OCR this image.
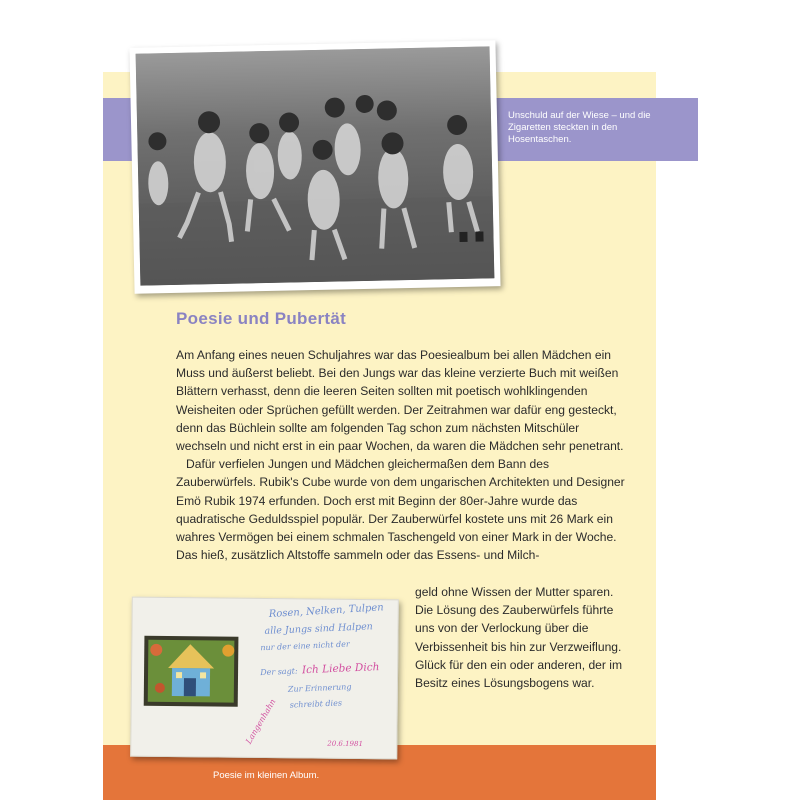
Unschuld auf der Wiese – und die Zigaretten steckten in den Hosentaschen.
Poesie und Pubertät

Am Anfang eines neuen Schuljahres war das Poesiealbum bei allen Mädchen ein Muss und äußerst beliebt. Bei den Jungs war das kleine verzierte Buch mit weißen Blättern verhasst, denn die leeren Seiten sollten mit poetisch wohlklingenden Weisheiten oder Sprüchen gefüllt werden. Der Zeitrahmen war dafür eng gesteckt, denn das Büchlein sollte am folgenden Tag schon zum nächsten Mitschüler wechseln und nicht erst in ein paar Wochen, da waren die Mädchen sehr penetrant.

Dafür verfielen Jungen und Mädchen gleichermaßen dem Bann des Zauberwürfels. Rubik's Cube wurde von dem ungarischen Architekten und Designer Emö Rubik 1974 erfunden. Doch erst mit Beginn der 80er-Jahre wurde das quadratische Geduldsspiel populär. Der Zauberwürfel kostete uns mit 26 Mark ein wahres Vermögen bei einem schmalen Taschengeld von einer Mark in der Woche. Das hieß, zusätzlich Altstoffe sammeln oder das Essens- und Milch-

geld ohne Wissen der Mutter sparen. Die Lösung des Zauberwürfels führte uns von der Verlockung über die Verbissenheit bis hin zur Verzweiflung. Glück für den ein oder anderen, der im Besitz eines Lösungsbogens war.
Rosen, Nelken, Tulpen
alle Jungs sind Halpen
nur der eine nicht der
Der sagt: Ich Liebe Dich
Zur Erinnerung
schreibt dies
Langenhahn	20.6.1981
Poesie im kleinen Album.
